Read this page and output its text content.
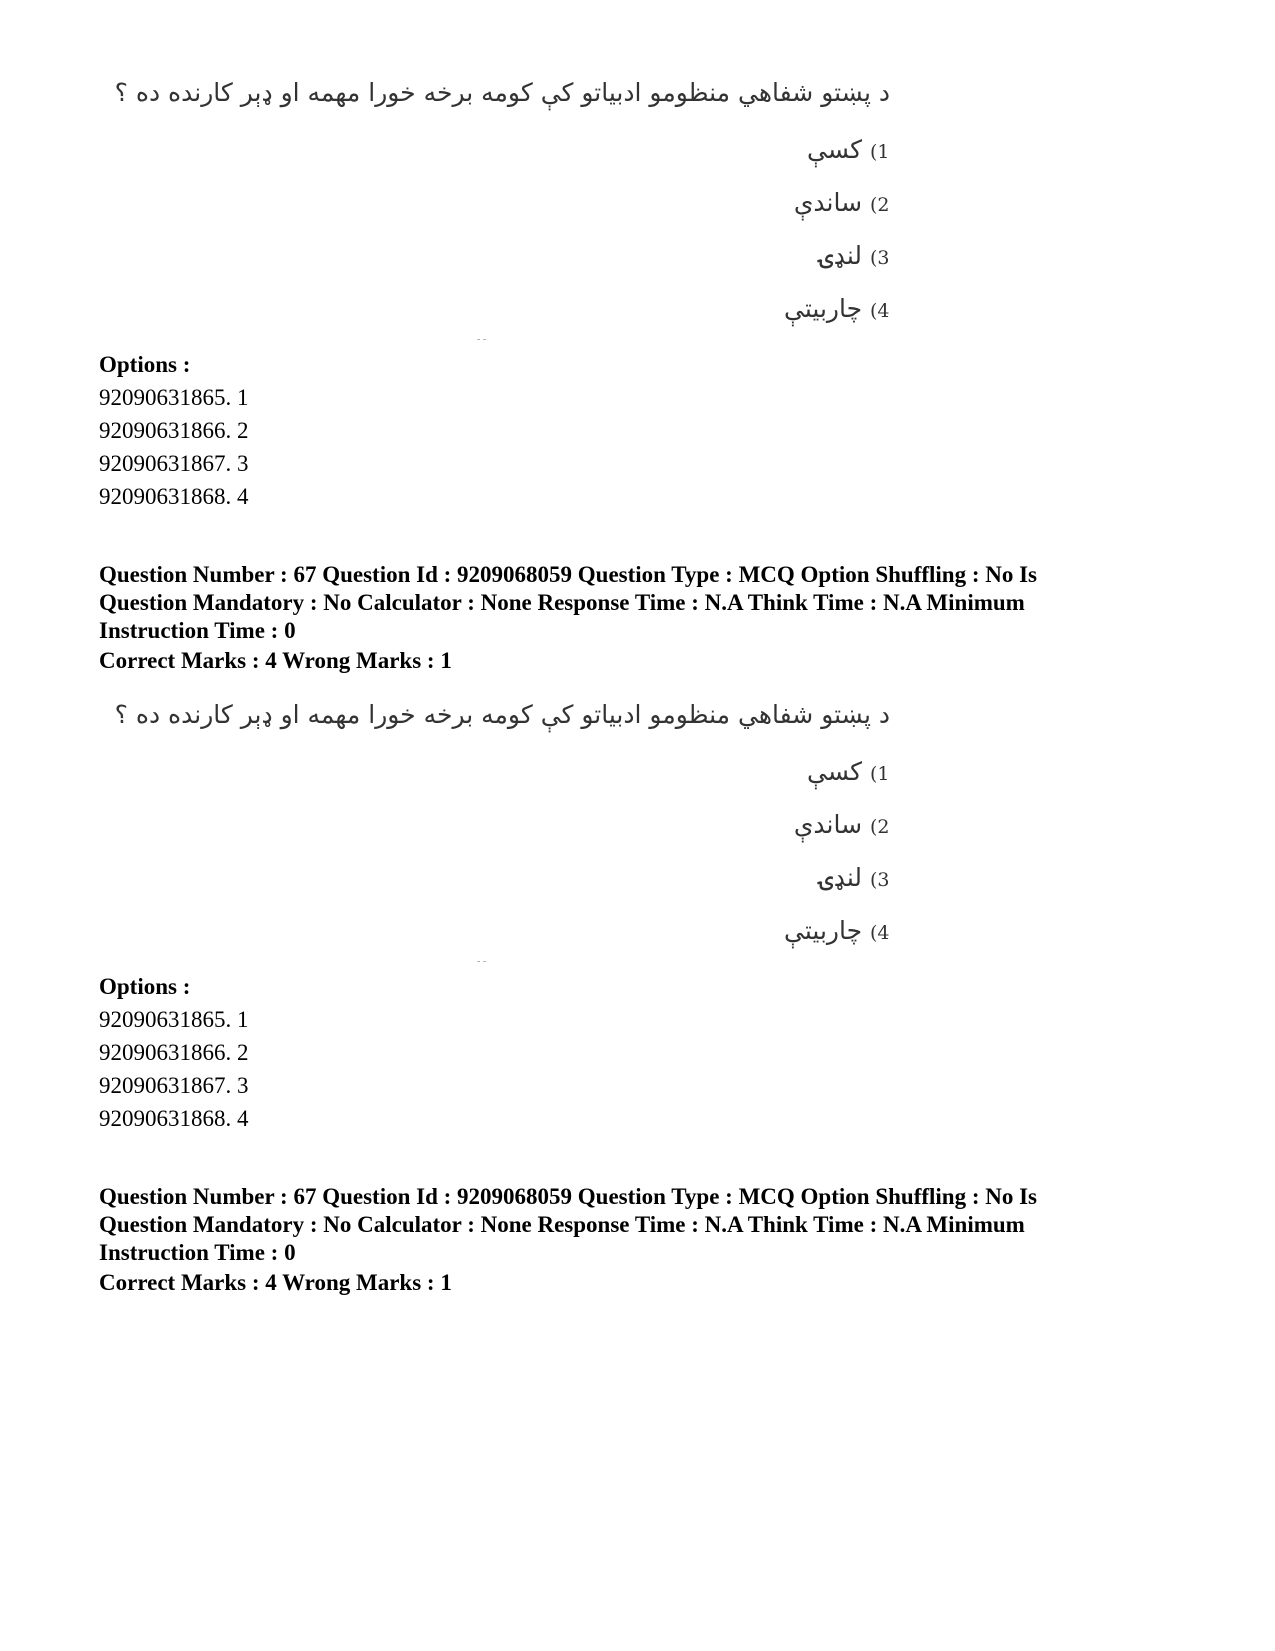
د پښتو شفاهي منظومو ادبياتو کې کومه برخه خورا مهمه او ډېر کارنده ده ؟
کسې (1
ساندې (2
لنډۍ (3
چاربيتې (4
- -
Options :
92090631865. 1
92090631866. 2
92090631867. 3
92090631868. 4
Question Number : 67 Question Id : 9209068059 Question Type : MCQ Option Shuffling : No Is Question Mandatory : No Calculator : None Response Time : N.A Think Time : N.A Minimum Instruction Time : 0
Correct Marks : 4 Wrong Marks : 1
د پښتو شفاهي منظومو ادبياتو کې کومه برخه خورا مهمه او ډېر کارنده ده ؟
کسې (1
ساندې (2
لنډۍ (3
چاربيتې (4
- -
Options :
92090631865. 1
92090631866. 2
92090631867. 3
92090631868. 4
Question Number : 67 Question Id : 9209068059 Question Type : MCQ Option Shuffling : No Is Question Mandatory : No Calculator : None Response Time : N.A Think Time : N.A Minimum Instruction Time : 0
Correct Marks : 4 Wrong Marks : 1
